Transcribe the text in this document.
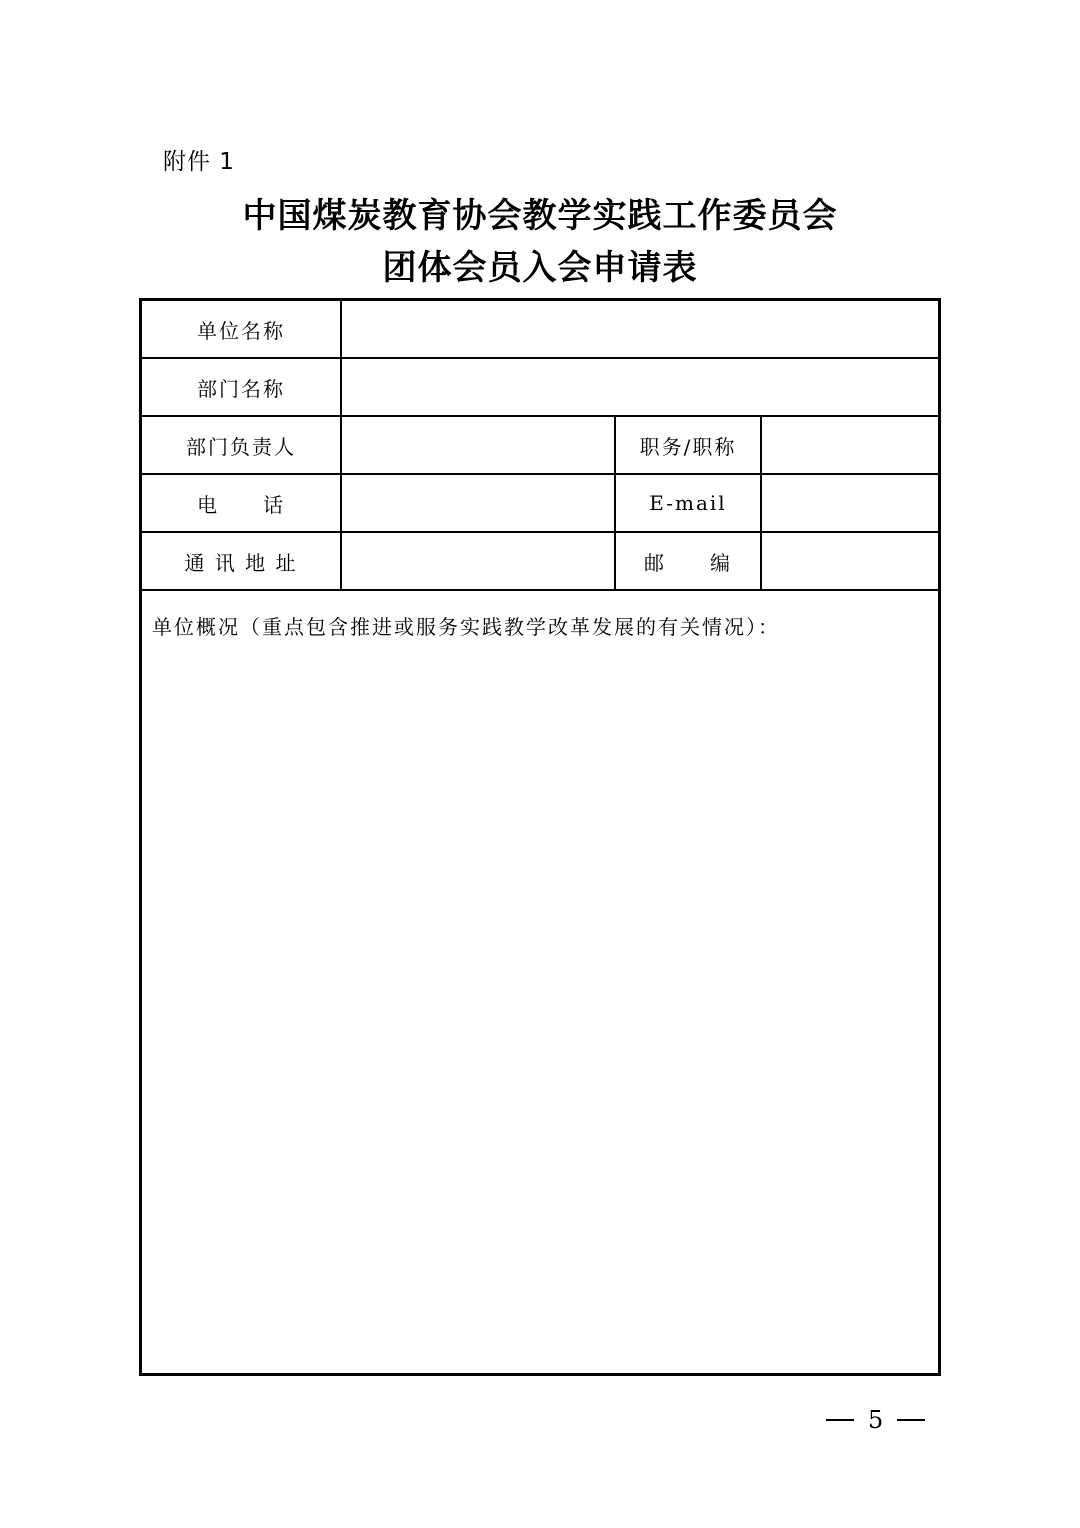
附件 1
中国煤炭教育协会教学实践工作委员会
团体会员入会申请表
单位名称
部门名称
部门负责人	职务/职称
电　　话	E-mail
通 讯 地 址	邮　　编
单位概况（重点包含推进或服务实践教学改革发展的有关情况）：
5
